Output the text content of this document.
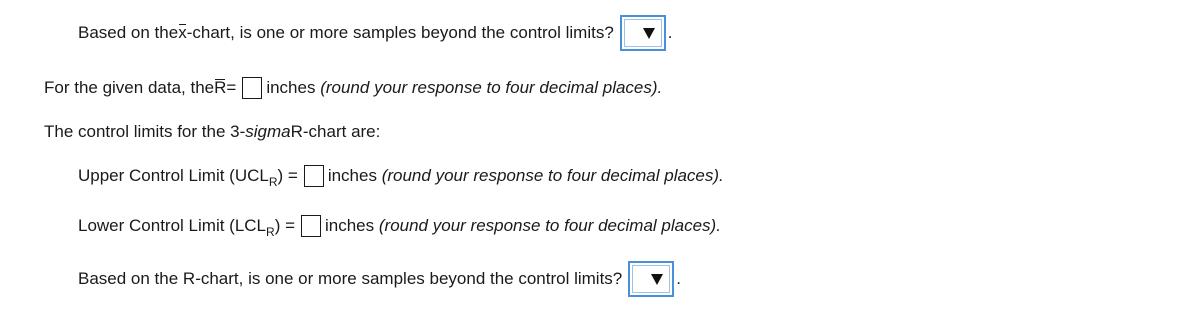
Based on the x -chart, is one or more samples beyond the control limits?	.
For the given data, the R = inches
(round your response to four decimal places).
The control limits for the 3- sigma R-chart are:
Upper Control Limit (UCL R ) = inches
(round your response to four decimal places).
Lower Control Limit (LCL R ) = inches
(round your response to four decimal places).
Based on the R-chart, is one or more samples beyond the control limits?	.
